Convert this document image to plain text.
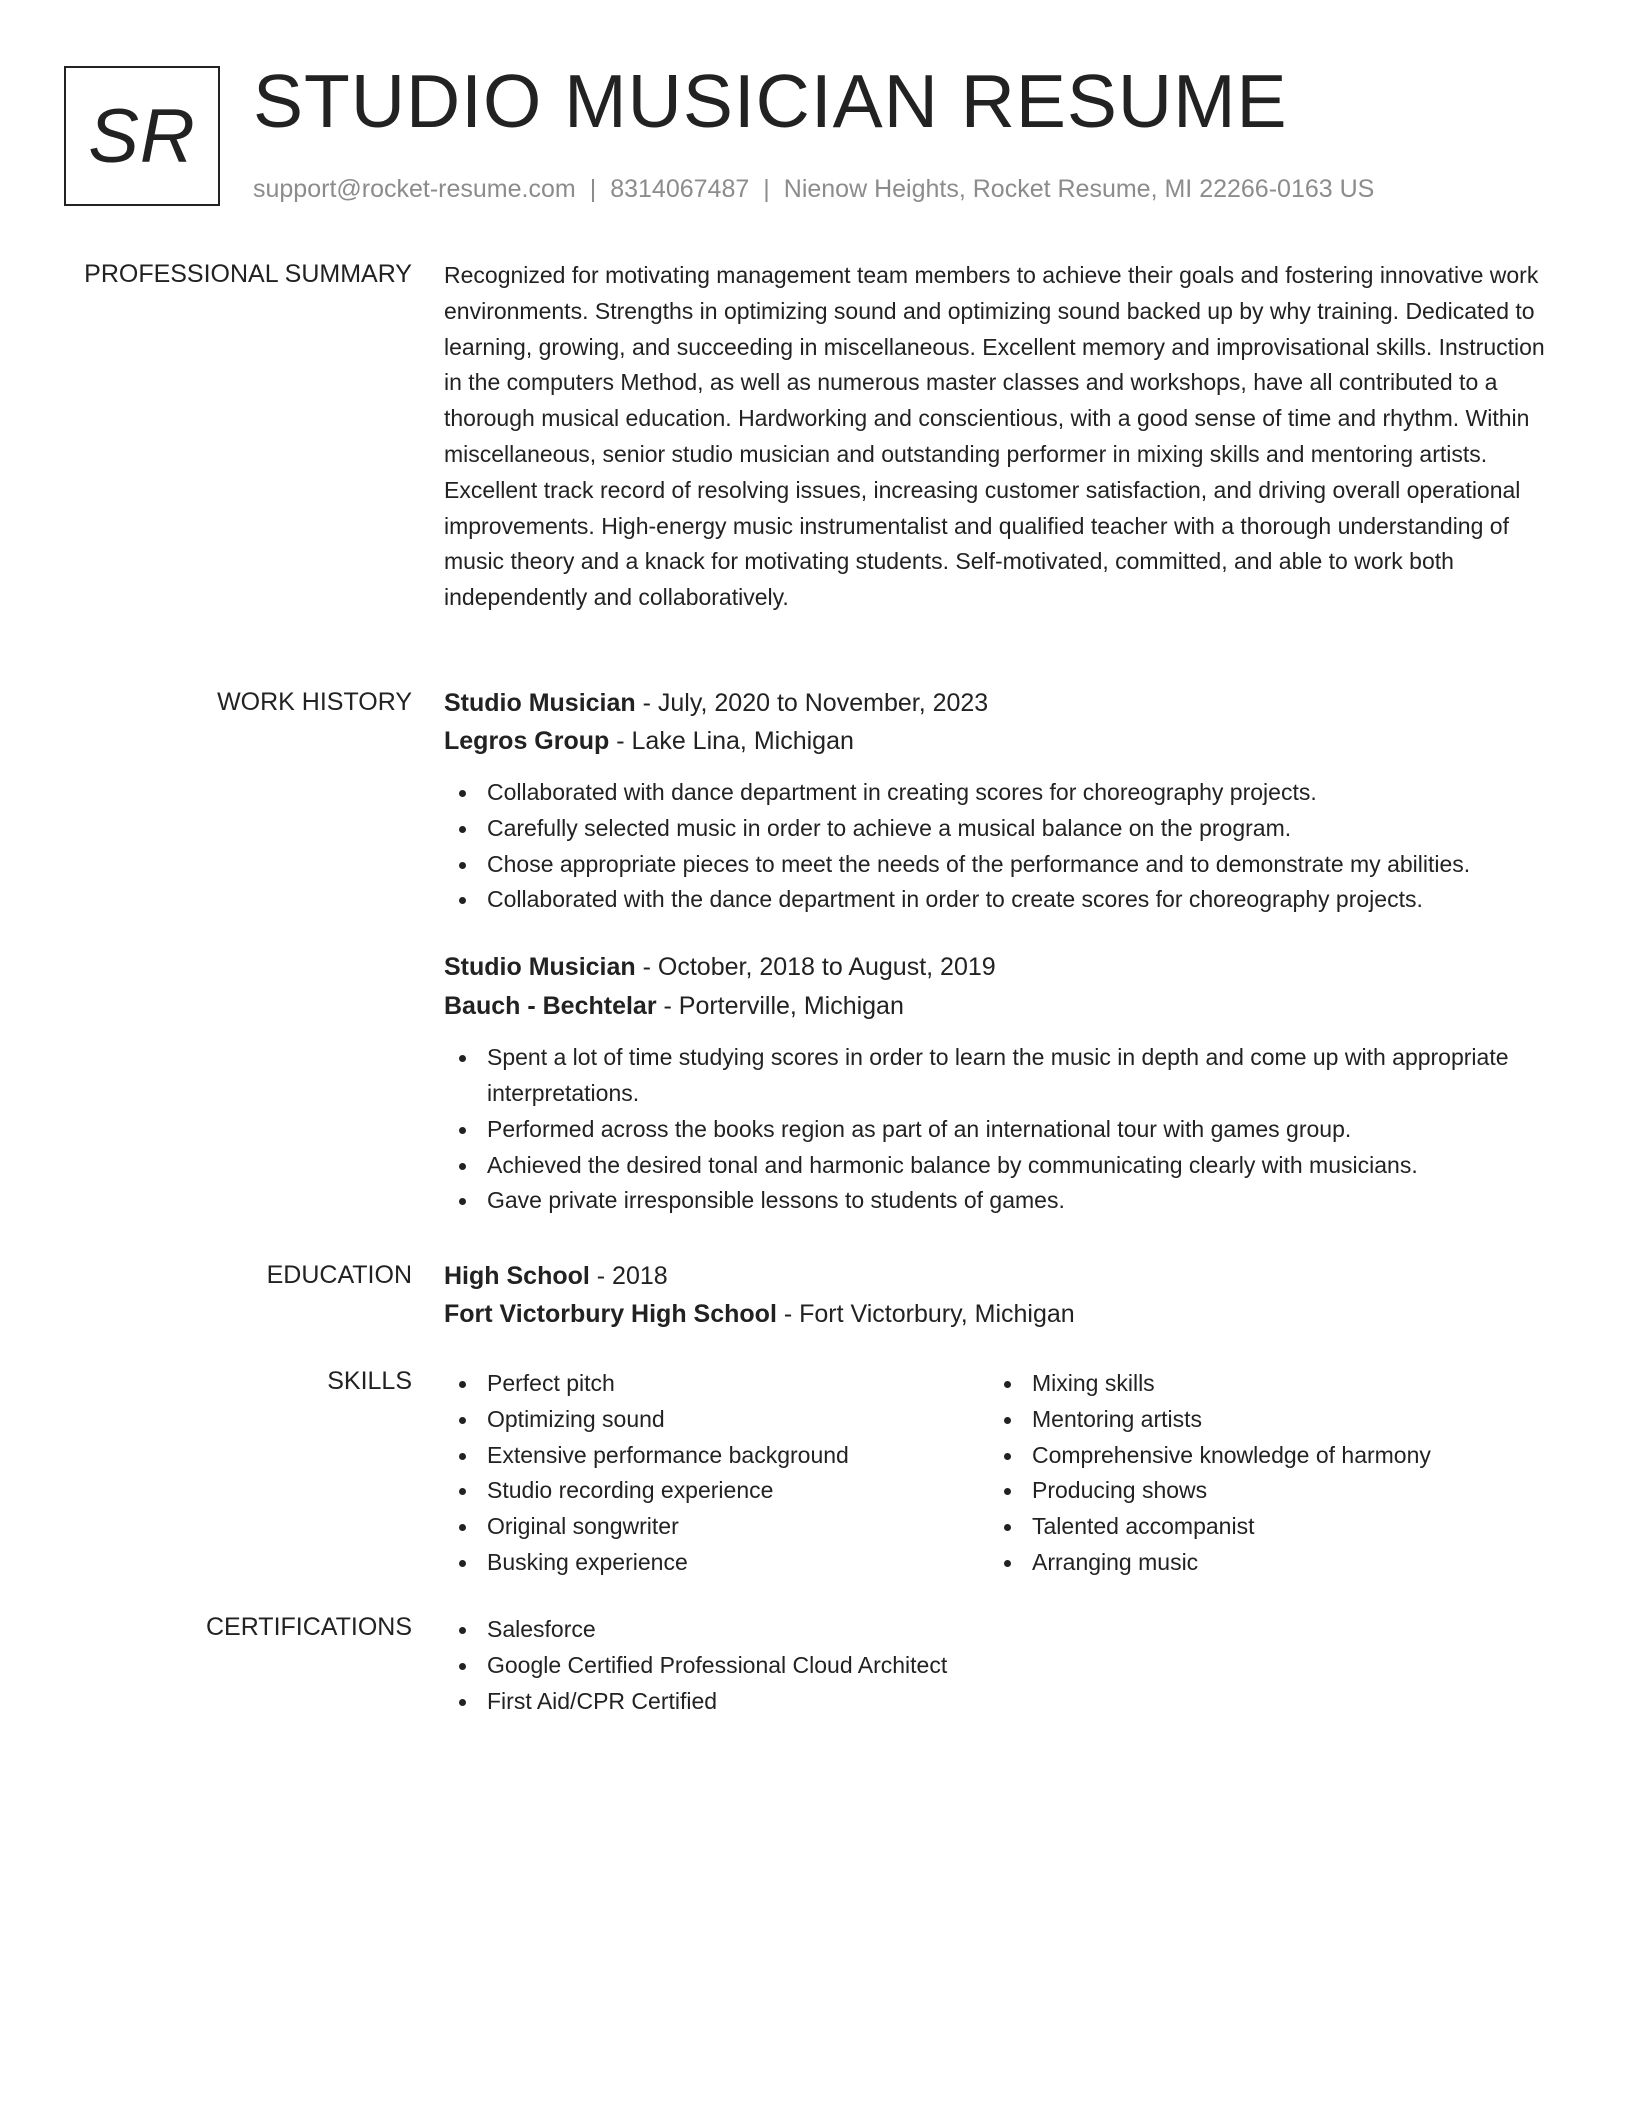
SR STUDIO MUSICIAN RESUME
support@rocket-resume.com | 8314067487 | Nienow Heights, Rocket Resume, MI 22266-0163 US
PROFESSIONAL SUMMARY Recognized for motivating management team members to achieve their goals and fostering innovative work environments. Strengths in optimizing sound and optimizing sound backed up by why training. Dedicated to learning, growing, and succeeding in miscellaneous. Excellent memory and improvisational skills. Instruction in the computers Method, as well as numerous master classes and workshops, have all contributed to a thorough musical education. Hardworking and conscientious, with a good sense of time and rhythm. Within miscellaneous, senior studio musician and outstanding performer in mixing skills and mentoring artists. Excellent track record of resolving issues, increasing customer satisfaction, and driving overall operational improvements. High-energy music instrumentalist and qualified teacher with a thorough understanding of music theory and a knack for motivating students. Self-motivated, committed, and able to work both independently and collaboratively.

WORK HISTORY Studio Musician - July, 2020 to November, 2023
Legros Group - Lake Lina, Michigan
Collaborated with dance department in creating scores for choreography projects.
Carefully selected music in order to achieve a musical balance on the program.
Chose appropriate pieces to meet the needs of the performance and to demonstrate my abilities.
Collaborated with the dance department in order to create scores for choreography projects.
Studio Musician - October, 2018 to August, 2019
Bauch - Bechtelar - Porterville, Michigan
Spent a lot of time studying scores in order to learn the music in depth and come up with appropriate interpretations.
Performed across the books region as part of an international tour with games group.
Achieved the desired tonal and harmonic balance by communicating clearly with musicians.
Gave private irresponsible lessons to students of games.
EDUCATION High School - 2018
Fort Victorbury High School - Fort Victorbury, Michigan
SKILLS	Perfect pitch
Optimizing sound
Extensive performance background
Studio recording experience
Original songwriter
Busking experience
Mixing skills
Mentoring artists
Comprehensive knowledge of harmony
Producing shows
Talented accompanist
Arranging music
CERTIFICATIONS	Salesforce
Google Certified Professional Cloud Architect
First Aid/CPR Certified
